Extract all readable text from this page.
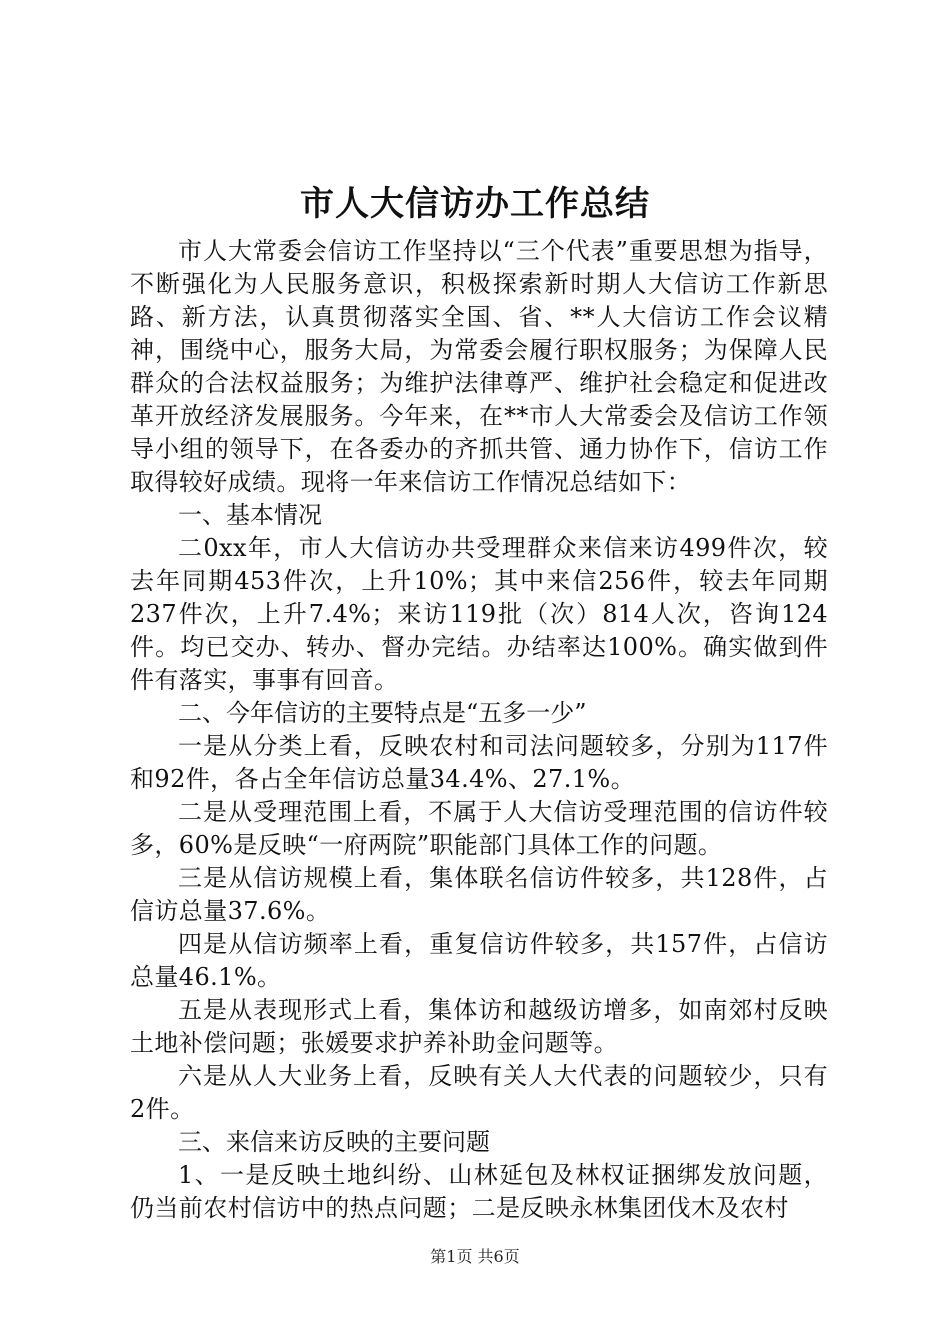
市人大信访办工作总结

市人大常委会信访工作坚持以“三个代表”重要思想为指导，不断强化为人民服务意识，积极探索新时期人大信访工作新思路、新方法，认真贯彻落实全国、省、**人大信访工作会议精神，围绕中心，服务大局，为常委会履行职权服务；为保障人民群众的合法权益服务；为维护法律尊严、维护社会稳定和促进改革开放经济发展服务。今年来，在**市人大常委会及信访工作领导小组的领导下，在各委办的齐抓共管、通力协作下，信访工作取得较好成绩。现将一年来信访工作情况总结如下：

一、基本情况

二0xx年，市人大信访办共受理群众来信来访499件次，较去年同期453件次，上升10%；其中来信256件，较去年同期237件次，上升7.4%；来访119批（次）814人次，咨询124件。均已交办、转办、督办完结。办结率达100%。确实做到件件有落实，事事有回音。

二、今年信访的主要特点是“五多一少”

一是从分类上看，反映农村和司法问题较多，分别为117件和92件，各占全年信访总量34.4%、27.1%。

二是从受理范围上看，不属于人大信访受理范围的信访件较多，60%是反映“一府两院”职能部门具体工作的问题。

三是从信访规模上看，集体联名信访件较多，共128件，占信访总量37.6%。

四是从信访频率上看，重复信访件较多，共157件，占信访总量46.1%。

五是从表现形式上看，集体访和越级访增多，如南郊村反映土地补偿问题；张媛要求护养补助金问题等。

六是从人大业务上看，反映有关人大代表的问题较少，只有2件。

三、来信来访反映的主要问题

1、一是反映土地纠纷、山林延包及林权证捆绑发放问题，仍当前农村信访中的热点问题；二是反映永林集团伐木及农村

第1页 共6页
